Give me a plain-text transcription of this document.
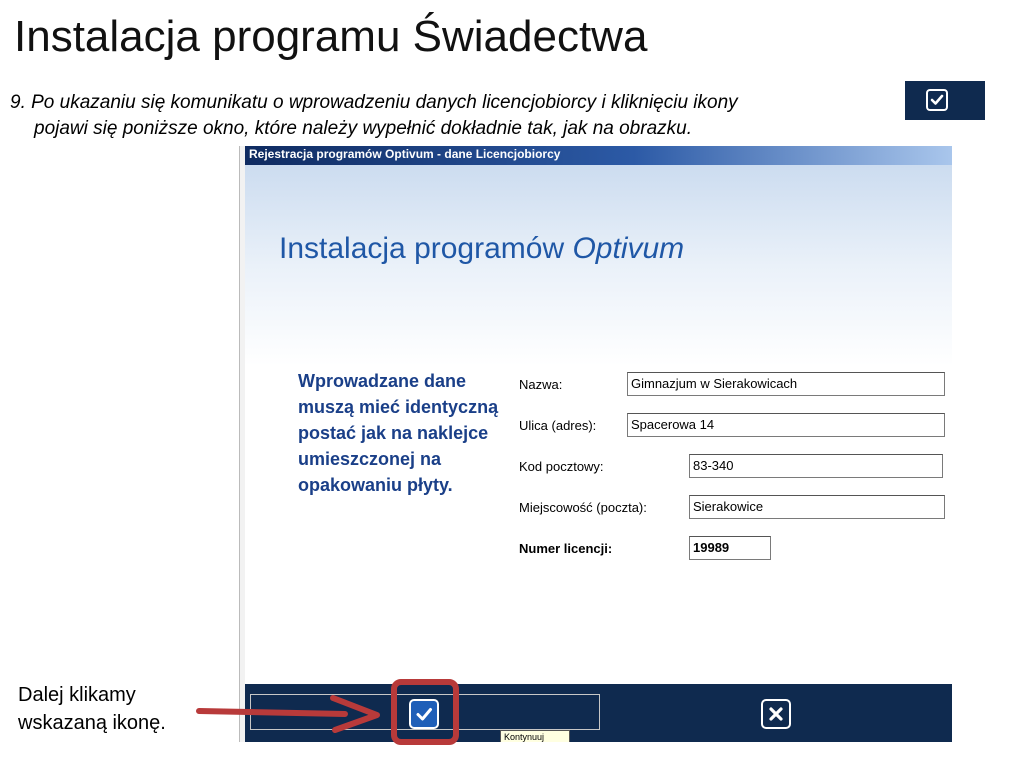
Instalacja programu Świadectwa
9. Po ukazaniu się komunikatu o wprowadzeniu danych licencjobiorcy i kliknięciu ikony
pojawi się poniższe okno, które należy wypełnić dokładnie tak, jak na obrazku.
Rejestracja programów Optivum - dane Licencjobiorcy
Instalacja programów Optivum
Wprowadzane dane muszą mieć identyczną postać jak na naklejce umieszczonej na opakowaniu płyty.
Nazwa:	Gimnazjum w Sierakowicach
Ulica (adres):	Spacerowa 14
Kod pocztowy:	83-340
Miejscowość (poczta):	Sierakowice
Numer licencji:	19989
Kontynuuj
Dalej klikamy
wskazaną ikonę.
